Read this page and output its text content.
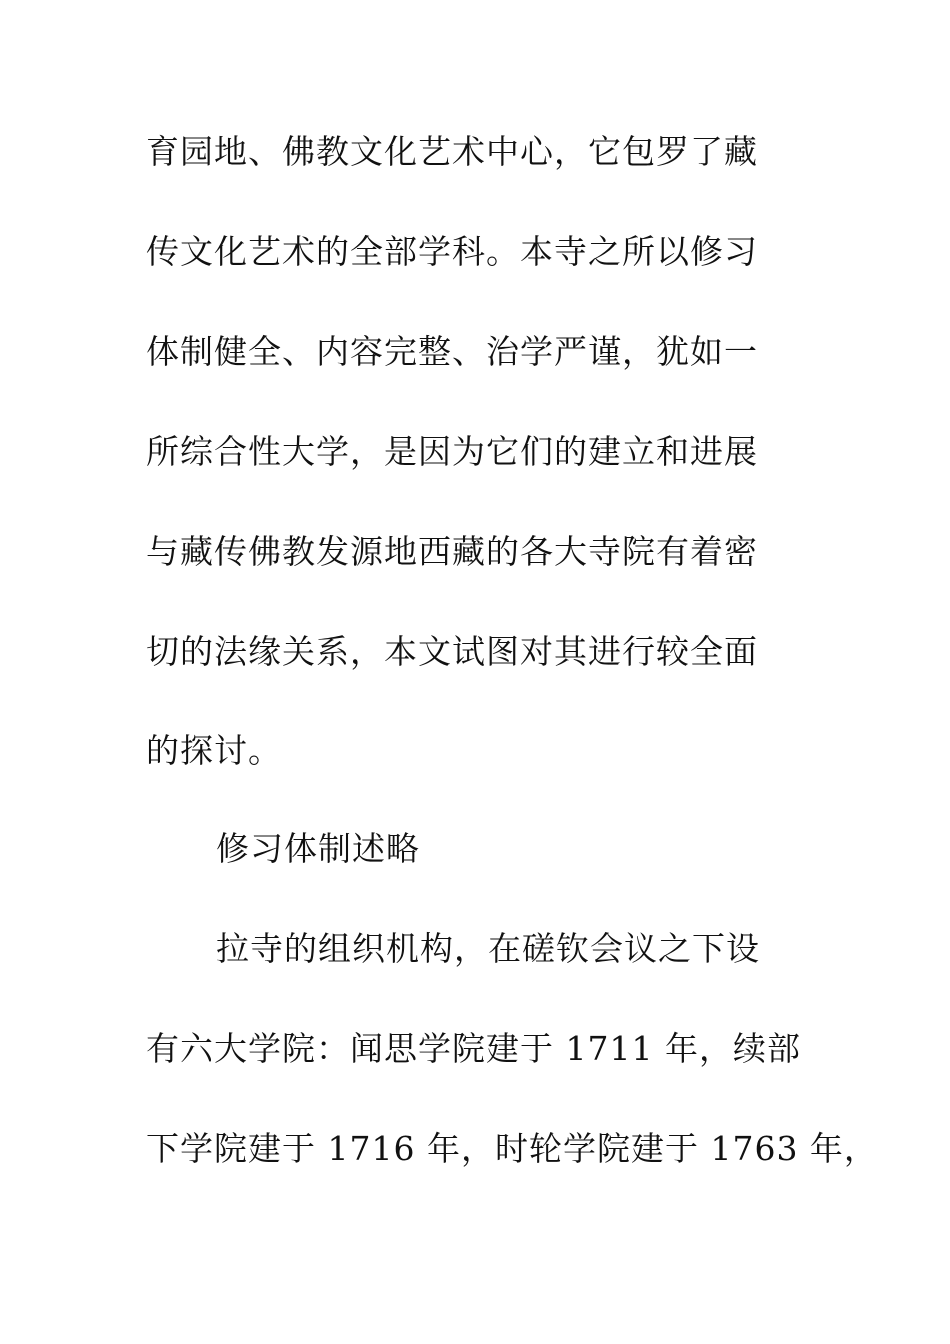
育园地、佛教文化艺术中心，它包罗了藏
传文化艺术的全部学科。本寺之所以修习
体制健全、内容完整、治学严谨，犹如一
所综合性大学，是因为它们的建立和进展
与藏传佛教发源地西藏的各大寺院有着密
切的法缘关系，本文试图对其进行较全面
的探讨。
修习体制述略
拉寺的组织机构，在磋钦会议之下设
有六大学院：闻思学院建于 1711 年，续部
下学院建于 1716 年，时轮学院建于 1763 年，
